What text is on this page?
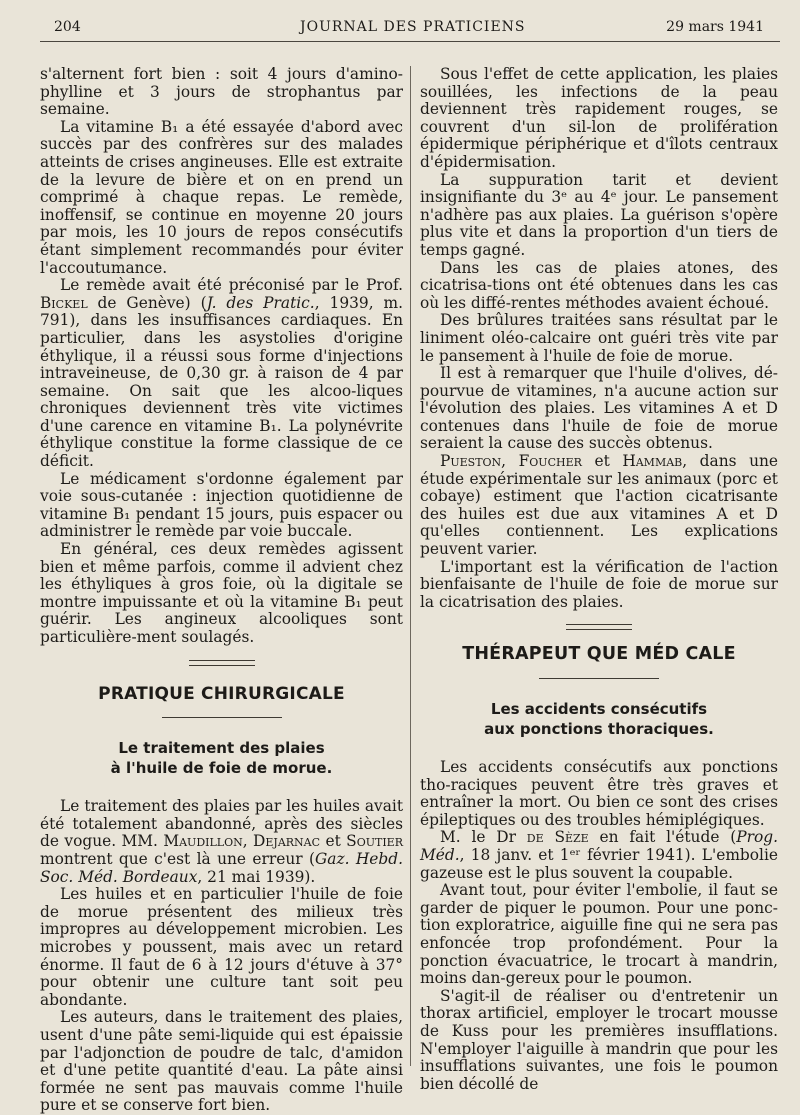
204	JOURNAL DES PRATICIENS	29 mars 1941

s'alternent fort bien : soit 4 jours d'amino-phylline et 3 jours de strophantus par semaine.

La vitamine B₁ a été essayée d'abord avec succès par des confrères sur des malades atteints de crises angineuses. Elle est extraite de la levure de bière et on en prend un comprimé à chaque repas. Le remède, inoffensif, se continue en moyenne 20 jours par mois, les 10 jours de repos consécutifs étant simplement recommandés pour éviter l'accoutumance.

Le remède avait été préconisé par le Prof. Bickel de Genève) (J. des Pratic., 1939, m. 791), dans les insuffisances cardiaques. En particulier, dans les asystolies d'origine éthylique, il a réussi sous forme d'injections intraveineuse, de 0,30 gr. à raison de 4 par semaine. On sait que les alcoo-liques chroniques deviennent très vite victimes d'une carence en vitamine B₁. La polynévrite éthylique constitue la forme classique de ce déficit.

Le médicament s'ordonne également par voie sous-cutanée : injection quotidienne de vitamine B₁ pendant 15 jours, puis espacer ou administrer le remède par voie buccale.

En général, ces deux remèdes agissent bien et même parfois, comme il advient chez les éthyliques à gros foie, où la digitale se montre impuissante et où la vitamine B₁ peut guérir. Les angineux alcooliques sont particulière-ment soulagés.

PRATIQUE CHIRURGICALE
Le traitement des plaies
à l'huile de foie de morue.

Le traitement des plaies par les huiles avait été totalement abandonné, après des siècles de vogue. MM. Maudillon, Dejarnac et Soutier montrent que c'est là une erreur (Gaz. Hebd. Soc. Méd. Bordeaux, 21 mai 1939).

Les huiles et en particulier l'huile de foie de morue présentent des milieux très impropres au développement microbien. Les microbes y poussent, mais avec un retard énorme. Il faut de 6 à 12 jours d'étuve à 37° pour obtenir une culture tant soit peu abondante.

Les auteurs, dans le traitement des plaies, usent d'une pâte semi-liquide qui est épaissie par l'adjonction de poudre de talc, d'amidon et d'une petite quantité d'eau. La pâte ainsi formée ne sent pas mauvais comme l'huile pure et se conserve fort bien.

Sous l'effet de cette application, les plaies souillées, les infections de la peau deviennent très rapidement rouges, se couvrent d'un sil-lon de prolifération épidermique périphérique et d'îlots centraux d'épidermisation.

La suppuration tarit et devient insignifiante du 3ᵉ au 4ᵉ jour. Le pansement n'adhère pas aux plaies. La guérison s'opère plus vite et dans la proportion d'un tiers de temps gagné.

Dans les cas de plaies atones, des cicatrisa-tions ont été obtenues dans les cas où les diffé-rentes méthodes avaient échoué.

Des brûlures traitées sans résultat par le liniment oléo-calcaire ont guéri très vite par le pansement à l'huile de foie de morue.

Il est à remarquer que l'huile d'olives, dé-pourvue de vitamines, n'a aucune action sur l'évolution des plaies. Les vitamines A et D contenues dans l'huile de foie de morue seraient la cause des succès obtenus.

Pueston, Foucher et Hammab, dans une étude expérimentale sur les animaux (porc et cobaye) estiment que l'action cicatrisante des huiles est due aux vitamines A et D qu'elles contiennent. Les explications peuvent varier.

L'important est la vérification de l'action bienfaisante de l'huile de foie de morue sur la cicatrisation des plaies.

THÉRAPEUT QUE MÉD CALE
Les accidents consécutifs
aux ponctions thoraciques.

Les accidents consécutifs aux ponctions tho-raciques peuvent être très graves et entraîner la mort. Ou bien ce sont des crises épileptiques ou des troubles hémiplégiques.

M. le Dr de Sèze en fait l'étude (Prog. Méd., 18 janv. et 1ᵉʳ février 1941). L'embolie gazeuse est le plus souvent la coupable.

Avant tout, pour éviter l'embolie, il faut se garder de piquer le poumon. Pour une ponc-tion exploratrice, aiguille fine qui ne sera pas enfoncée trop profondément. Pour la ponction évacuatrice, le trocart à mandrin, moins dan-gereux pour le poumon.

S'agit-il de réaliser ou d'entretenir un thorax artificiel, employer le trocart mousse de Kuss pour les premières insufflations. N'employer l'aiguille à mandrin que pour les insufflations suivantes, une fois le poumon bien décollé de
